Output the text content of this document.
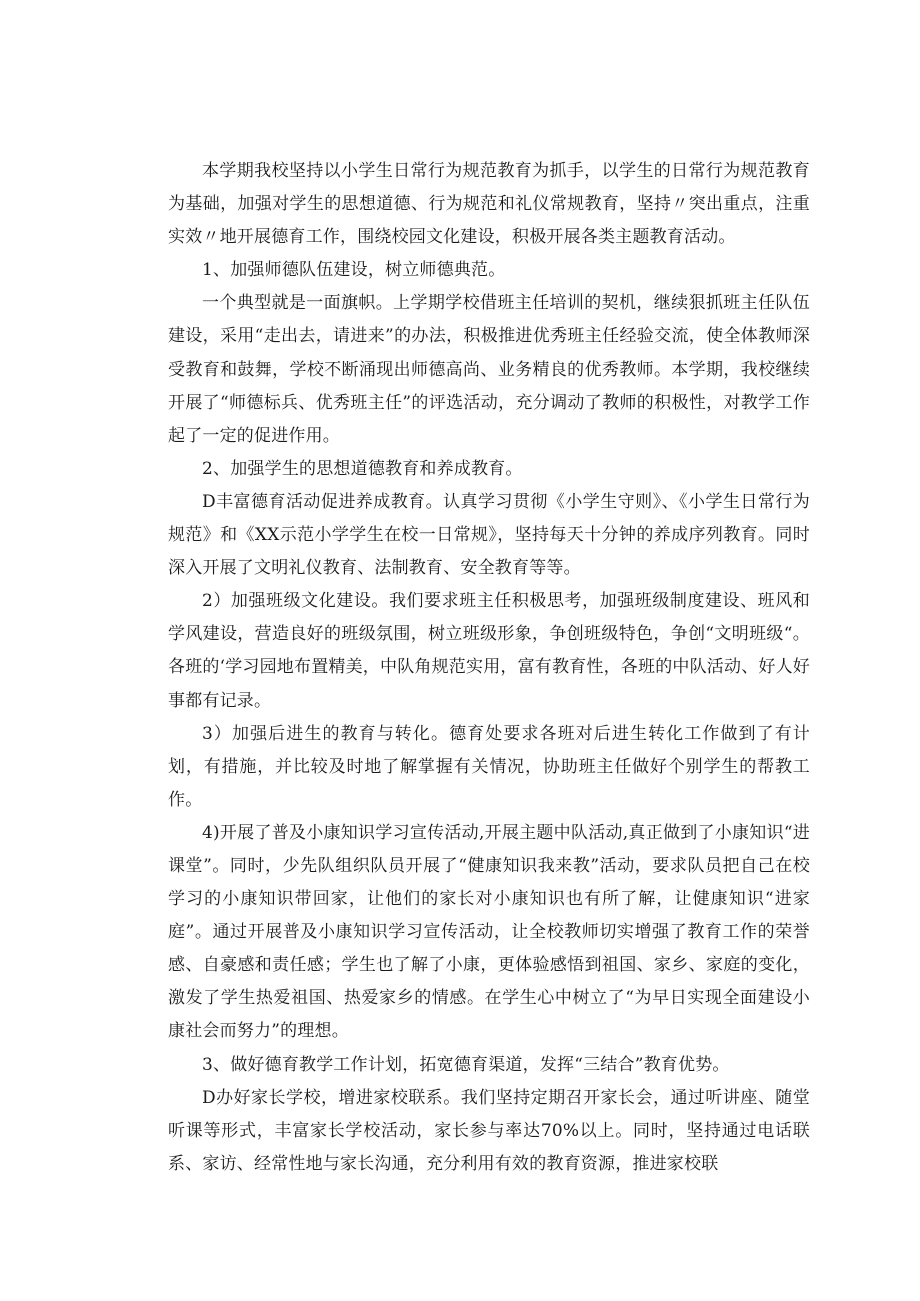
本学期我校坚持以小学生日常行为规范教育为抓手，以学生的日常行为规范教育为基础，加强对学生的思想道德、行为规范和礼仪常规教育，坚持〃突出重点，注重实效〃地开展德育工作，围绕校园文化建设，积极开展各类主题教育活动。

1、加强师德队伍建设，树立师德典范。

一个典型就是一面旗帜。上学期学校借班主任培训的契机，继续狠抓班主任队伍建设，采用“走出去，请进来”的办法，积极推进优秀班主任经验交流，使全体教师深受教育和鼓舞，学校不断涌现出师德高尚、业务精良的优秀教师。本学期，我校继续开展了“师德标兵、优秀班主任”的评选活动，充分调动了教师的积极性，对教学工作起了一定的促进作用。

2、加强学生的思想道德教育和养成教育。

D丰富德育活动促进养成教育。认真学习贯彻《小学生守则》、《小学生日常行为规范》和《XX示范小学学生在校一日常规》，坚持每天十分钟的养成序列教育。同时深入开展了文明礼仪教育、法制教育、安全教育等等。

2）加强班级文化建设。我们要求班主任积极思考，加强班级制度建设、班风和学风建设，营造良好的班级氛围，树立班级形象，争创班级特色，争创“文明班级“。各班的‘学习园地布置精美，中队角规范实用，富有教育性，各班的中队活动、好人好事都有记录。

3）加强后进生的教育与转化。德育处要求各班对后进生转化工作做到了有计划，有措施，并比较及时地了解掌握有关情况，协助班主任做好个别学生的帮教工作。

4)开展了普及小康知识学习宣传活动,开展主题中队活动,真正做到了小康知识“进课堂”。同时，少先队组织队员开展了“健康知识我来教”活动，要求队员把自己在校学习的小康知识带回家，让他们的家长对小康知识也有所了解，让健康知识“进家庭”。通过开展普及小康知识学习宣传活动，让全校教师切实增强了教育工作的荣誉感、自豪感和责任感；学生也了解了小康，更体验感悟到祖国、家乡、家庭的变化，激发了学生热爱祖国、热爱家乡的情感。在学生心中树立了“为早日实现全面建设小康社会而努力”的理想。

3、做好德育教学工作计划，拓宽德育渠道，发挥“三结合”教育优势。

D办好家长学校，增进家校联系。我们坚持定期召开家长会，通过听讲座、随堂听课等形式，丰富家长学校活动，家长参与率达70%以上。同时，坚持通过电话联系、家访、经常性地与家长沟通，充分利用有效的教育资源，推进家校联
